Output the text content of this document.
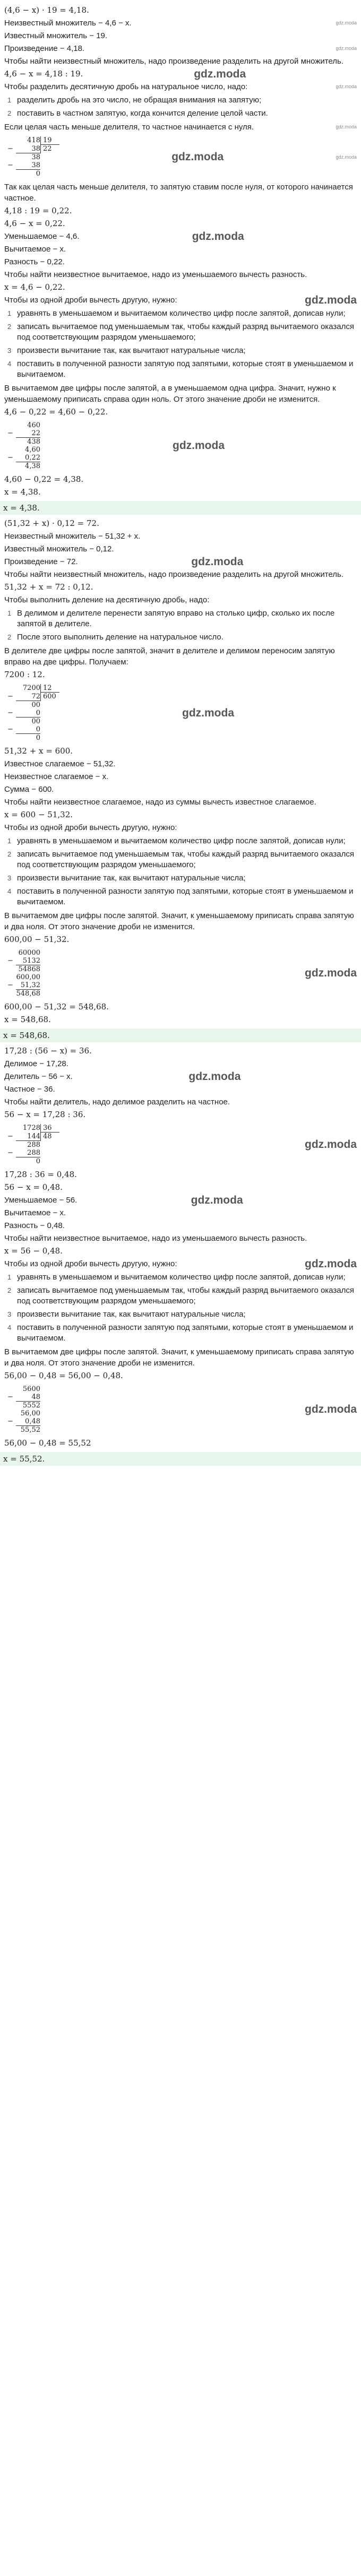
(4,6 − x) · 19 = 4,18.
Неизвестный множитель − 4,6 − x.	gdz.moda
Известный множитель − 19.
Произведение − 4,18.	gdz.moda
Чтобы найти неизвестный множитель, надо произведение разделить на другой множитель.
4,6 − x = 4,18 : 19.	gdz.moda
Чтобы разделить десятичную дробь на натуральное число, надо:	gdz.moda
1 разделить дробь на это число, не обращая внимания на запятую;
2 поставить в частном запятую, когда кончится деление целой части.
Если целая часть меньше делителя, то частное начинается с нуля.	gdz.moda
418 19
−	38 22
38
−	38
0
gdz.moda	gdz.moda
Так как целая часть меньше делителя, то запятую ставим после нуля, от которого начинается частное.
4,18 : 19 = 0,22.
4,6 − x = 0,22.
Уменьшаемое − 4,6.	gdz.moda
Вычитаемое − x.
Разность − 0,22.
Чтобы найти неизвестное вычитаемое, надо из уменьшаемого вычесть разность.
x = 4,6 − 0,22.
Чтобы из одной дроби вычесть другую, нужно:	gdz.moda
1 уравнять в уменьшаемом и вычитаемом количество цифр после запятой, дописав нули;
2 записать вычитаемое под уменьшаемым так, чтобы каждый разряд вычитаемого оказался под соответствующим разрядом уменьшаемого;
3 произвести вычитание так, как вычитают натуральные числа;
4 поставить в полученной разности запятую под запятыми, которые стоят в уменьшаемом и вычитаемом.
В вычитаемом две цифры после запятой, а в уменьшаемом одна цифра. Значит, нужно к уменьшаемому приписать справа один ноль. От этого значение дроби не изменится.
4,6 − 0,22 = 4,60 − 0,22.
460
−	22
438
4,60
−	0,22
4,38
gdz.moda
4,60 − 0,22 = 4,38.
x = 4,38.
x = 4,38.
(51,32 + x) · 0,12 = 72.
Неизвестный множитель − 51,32 + x.
Известный множитель − 0,12.
Произведение − 72.	gdz.moda
Чтобы найти неизвестный множитель, надо произведение разделить на другой множитель.
51,32 + x = 72 : 0,12.
Чтобы выполнить деление на десятичную дробь, надо:
1 В делимом и делителе перенести запятую вправо на столько цифр, сколько их после запятой в делителе.
2 После этого выполнить деление на натуральное число.
В делителе две цифры после запятой, значит в делителе и делимом переносим запятую вправо на две цифры. Получаем:
7200 : 12.
7200 12
−	72 600
00
−	0
00
−	0
0
gdz.moda
51,32 + x = 600.
Известное слагаемое − 51,32.
Неизвестное слагаемое − x.
Сумма − 600.
Чтобы найти неизвестное слагаемое, надо из суммы вычесть известное слагаемое.
x = 600 − 51,32.
Чтобы из одной дроби вычесть другую, нужно:
1 уравнять в уменьшаемом и вычитаемом количество цифр после запятой, дописав нули;
2 записать вычитаемое под уменьшаемым так, чтобы каждый разряд вычитаемого оказался под соответствующим разрядом уменьшаемого;
3 произвести вычитание так, как вычитают натуральные числа;
4 поставить в полученной разности запятую под запятыми, которые стоят в уменьшаемом и вычитаемом.
В вычитаемом две цифры после запятой. Значит, к уменьшаемому приписать справа запятую и два ноля. От этого значение дроби не изменится.
600,00 − 51,32.
60000
−	5132
54868
600,00
−	51,32
548,68
gdz.moda
600,00 − 51,32 = 548,68.
x = 548,68.
x = 548,68.
17,28 : (56 − x) = 36.
Делимое − 17,28.
Делитель − 56 − x.	gdz.moda
Частное − 36.
Чтобы найти делитель, надо делимое разделить на частное.
56 − x = 17,28 : 36.
1728 36
−	144 48
288
−	288
0
gdz.moda
17,28 : 36 = 0,48.
56 − x = 0,48.
Уменьшаемое − 56.	gdz.moda
Вычитаемое − x.
Разность − 0,48.
Чтобы найти неизвестное вычитаемое, надо из уменьшаемого вычесть разность.
x = 56 − 0,48.
Чтобы из одной дроби вычесть другую, нужно:	gdz.moda
1 уравнять в уменьшаемом и вычитаемом количество цифр после запятой, дописав нули;
2 записать вычитаемое под уменьшаемым так, чтобы каждый разряд вычитаемого оказался под соответствующим разрядом уменьшаемого;
3 произвести вычитание так, как вычитают натуральные числа;
4 поставить в полученной разности запятую под запятыми, которые стоят в уменьшаемом и вычитаемом.
В вычитаемом две цифры после запятой. Значит, к уменьшаемому приписать справа запятую и два ноля. От этого значение дроби не изменится.
56,00 − 0,48 = 56,00 − 0,48.
5600
−	48
5552
56,00
−	0,48
55,52
gdz.moda
56,00 − 0,48 = 55,52
x = 55,52.
